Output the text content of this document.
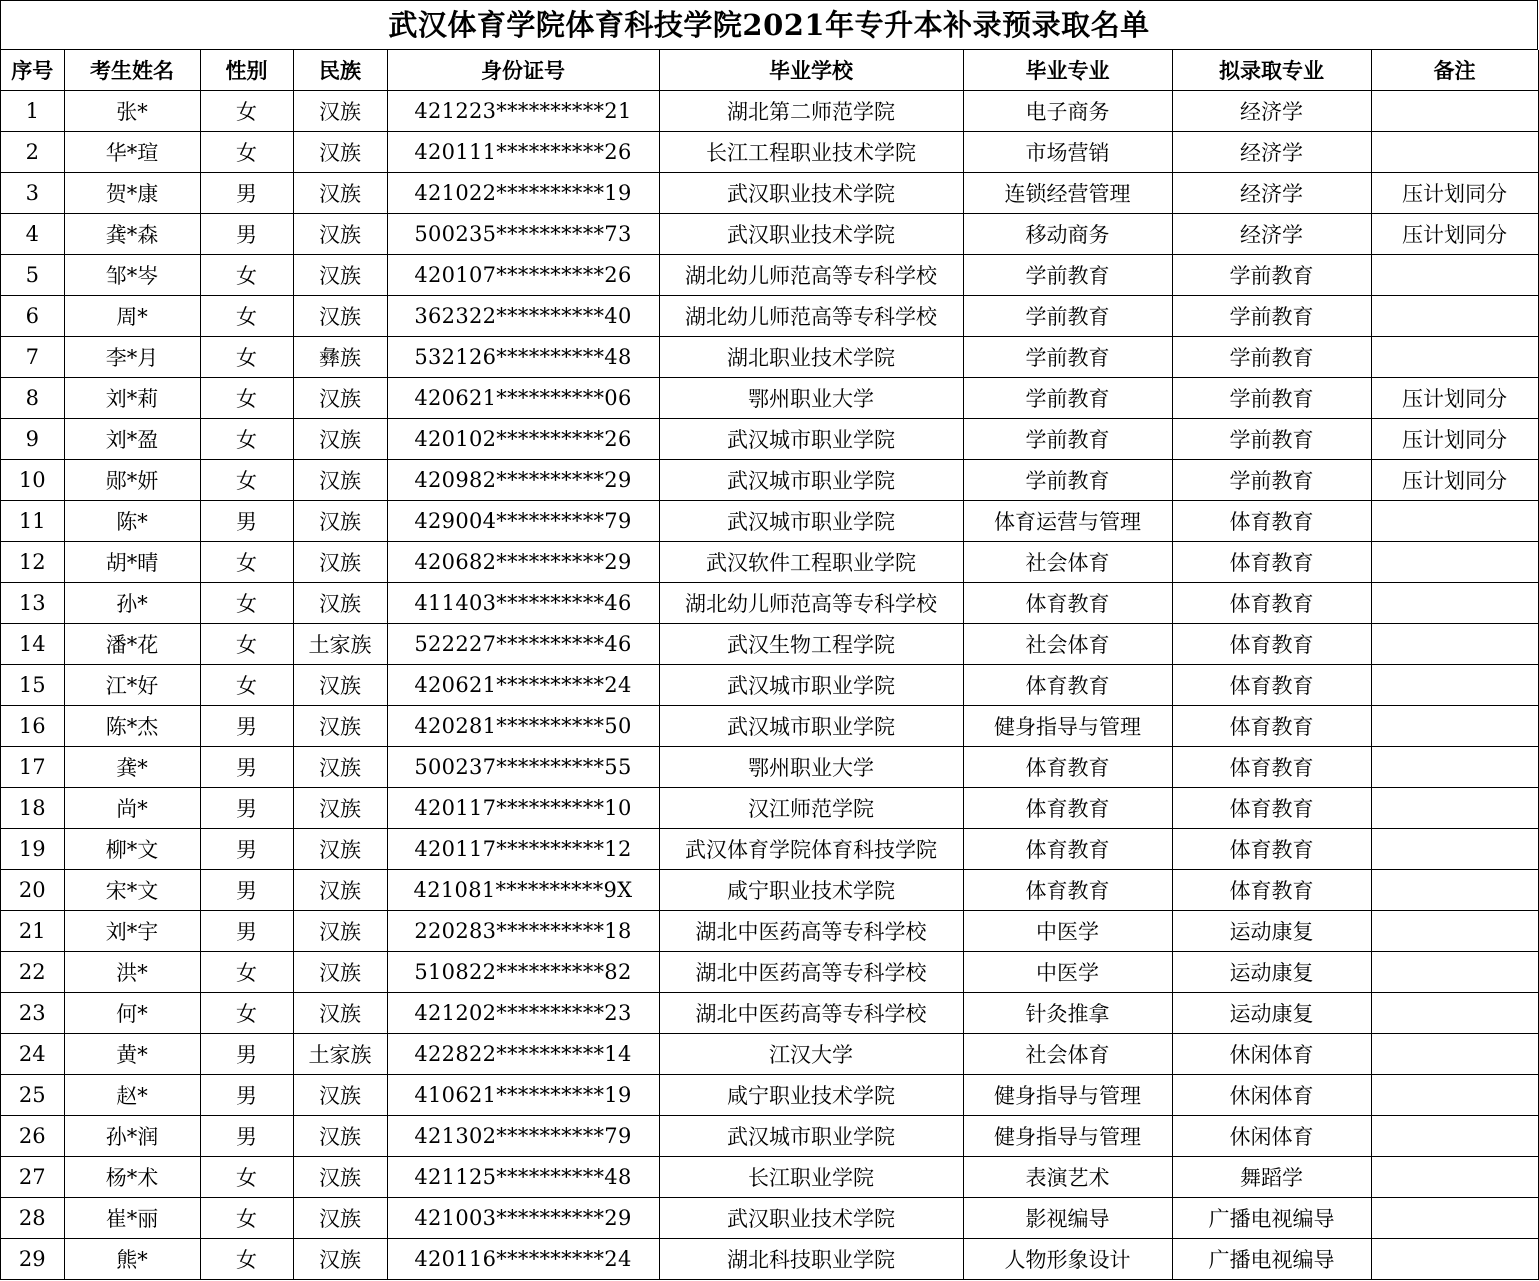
武汉体育学院体育科技学院2021年专升本补录预录取名单
序号	考生姓名	性别	民族	身份证号	毕业学校	毕业专业	拟录取专业	备注
1	张*	女	汉族	421223**********21	湖北第二师范学院	电子商务	经济学	
2	华*瑄	女	汉族	420111**********26	长江工程职业技术学院	市场营销	经济学	
3	贺*康	男	汉族	421022**********19	武汉职业技术学院	连锁经营管理	经济学	压计划同分
4	龚*森	男	汉族	500235**********73	武汉职业技术学院	移动商务	经济学	压计划同分
5	邹*岑	女	汉族	420107**********26	湖北幼儿师范高等专科学校	学前教育	学前教育	
6	周*	女	汉族	362322**********40	湖北幼儿师范高等专科学校	学前教育	学前教育	
7	李*月	女	彝族	532126**********48	湖北职业技术学院	学前教育	学前教育	
8	刘*莉	女	汉族	420621**********06	鄂州职业大学	学前教育	学前教育	压计划同分
9	刘*盈	女	汉族	420102**********26	武汉城市职业学院	学前教育	学前教育	压计划同分
10	郧*妍	女	汉族	420982**********29	武汉城市职业学院	学前教育	学前教育	压计划同分
11	陈*	男	汉族	429004**********79	武汉城市职业学院	体育运营与管理	体育教育	
12	胡*晴	女	汉族	420682**********29	武汉软件工程职业学院	社会体育	体育教育	
13	孙*	女	汉族	411403**********46	湖北幼儿师范高等专科学校	体育教育	体育教育	
14	潘*花	女	土家族	522227**********46	武汉生物工程学院	社会体育	体育教育	
15	江*好	女	汉族	420621**********24	武汉城市职业学院	体育教育	体育教育	
16	陈*杰	男	汉族	420281**********50	武汉城市职业学院	健身指导与管理	体育教育	
17	龚*	男	汉族	500237**********55	鄂州职业大学	体育教育	体育教育	
18	尚*	男	汉族	420117**********10	汉江师范学院	体育教育	体育教育	
19	柳*文	男	汉族	420117**********12	武汉体育学院体育科技学院	体育教育	体育教育	
20	宋*文	男	汉族	421081**********9X	咸宁职业技术学院	体育教育	体育教育	
21	刘*宇	男	汉族	220283**********18	湖北中医药高等专科学校	中医学	运动康复	
22	洪*	女	汉族	510822**********82	湖北中医药高等专科学校	中医学	运动康复	
23	何*	女	汉族	421202**********23	湖北中医药高等专科学校	针灸推拿	运动康复	
24	黄*	男	土家族	422822**********14	江汉大学	社会体育	休闲体育	
25	赵*	男	汉族	410621**********19	咸宁职业技术学院	健身指导与管理	休闲体育	
26	孙*润	男	汉族	421302**********79	武汉城市职业学院	健身指导与管理	休闲体育	
27	杨*术	女	汉族	421125**********48	长江职业学院	表演艺术	舞蹈学	
28	崔*丽	女	汉族	421003**********29	武汉职业技术学院	影视编导	广播电视编导	
29	熊*	女	汉族	420116**********24	湖北科技职业学院	人物形象设计	广播电视编导	
